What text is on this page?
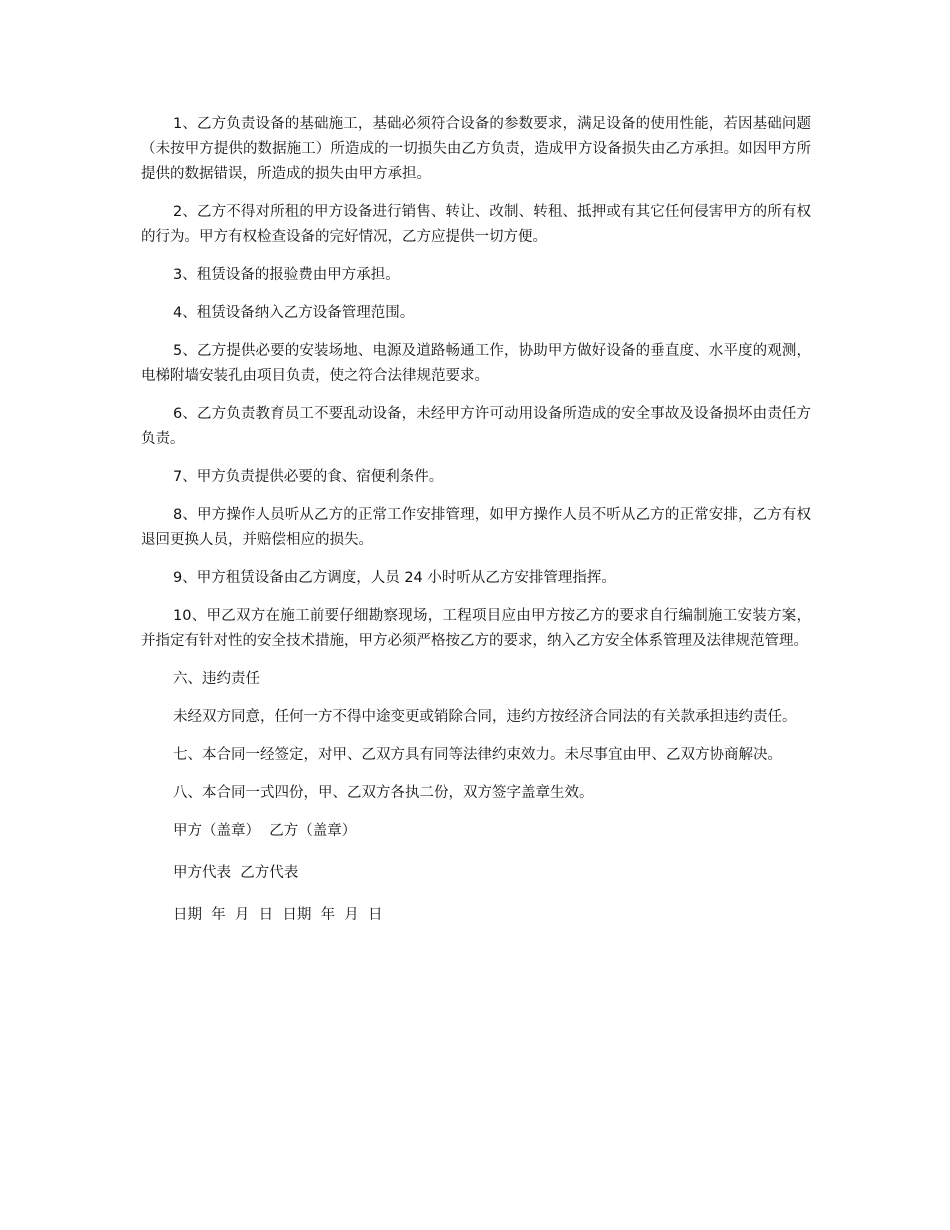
1、乙方负责设备的基础施工，基础必须符合设备的参数要求，满足设备的使用性能，若因基础问题（未按甲方提供的数据施工）所造成的一切损失由乙方负责，造成甲方设备损失由乙方承担。如因甲方所提供的数据错误，所造成的损失由甲方承担。

2、乙方不得对所租的甲方设备进行销售、转让、改制、转租、抵押或有其它任何侵害甲方的所有权的行为。甲方有权检查设备的完好情况，乙方应提供一切方便。

3、租赁设备的报验费由甲方承担。

4、租赁设备纳入乙方设备管理范围。

5、乙方提供必要的安装场地、电源及道路畅通工作，协助甲方做好设备的垂直度、水平度的观测，电梯附墙安装孔由项目负责，使之符合法律规范要求。

6、乙方负责教育员工不要乱动设备，未经甲方许可动用设备所造成的安全事故及设备损坏由责任方负责。

7、甲方负责提供必要的食、宿便利条件。

8、甲方操作人员听从乙方的正常工作安排管理，如甲方操作人员不听从乙方的正常安排，乙方有权退回更换人员，并赔偿相应的损失。

9、甲方租赁设备由乙方调度，人员 24 小时听从乙方安排管理指挥。

10、甲乙双方在施工前要仔细勘察现场，工程项目应由甲方按乙方的要求自行编制施工安装方案，并指定有针对性的安全技术措施，甲方必须严格按乙方的要求，纳入乙方安全体系管理及法律规范管理。

六、违约责任

未经双方同意，任何一方不得中途变更或销除合同，违约方按经济合同法的有关款承担违约责任。

七、本合同一经签定，对甲、乙双方具有同等法律约束效力。未尽事宜由甲、乙双方协商解决。

八、本合同一式四份，甲、乙双方各执二份，双方签字盖章生效。

甲方（盖章）  乙方（盖章）

甲方代表  乙方代表

日期  年  月  日  日期  年  月  日
